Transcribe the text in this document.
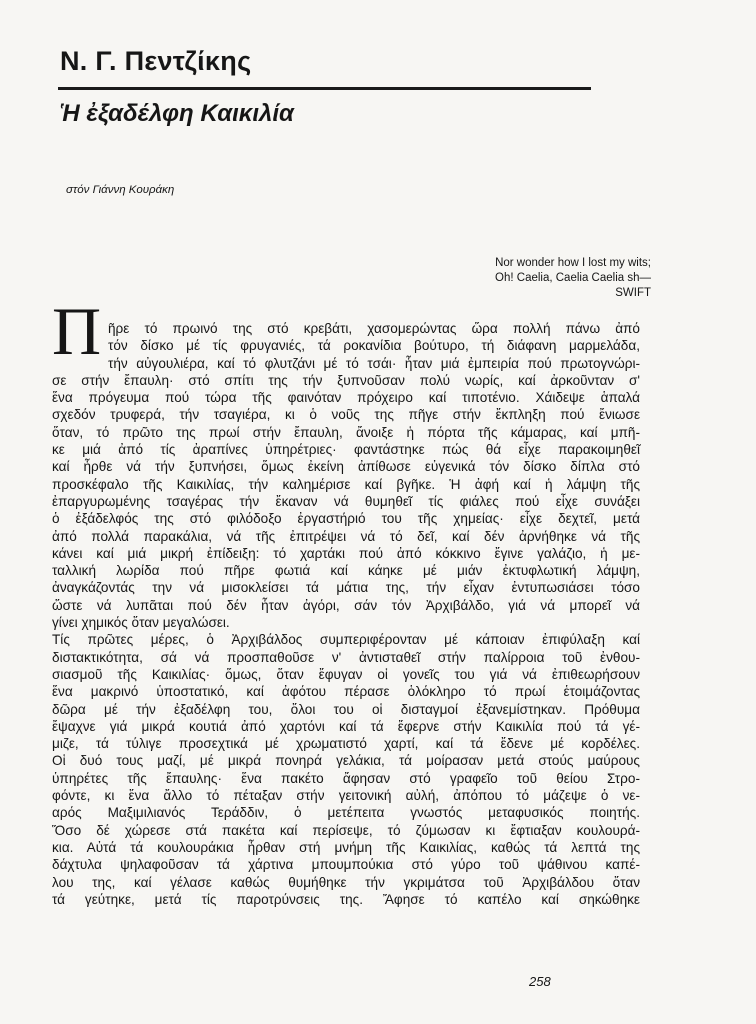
Ν. Γ. Πεντζίκης
Ἡ ἐξαδέλφη Καικιλία

στόν Γιάννη Κουράκη

Nor wonder how I lost my wits;
Oh! Caelia, Caelia Caelia sh—
SWIFT
Π ῆρε τό πρωινό της στό κρεβάτι, χασομερώντας ὥρα πολλή πάνω ἀπό
τόν δίσκο μέ τίς φρυγανιές, τά ροκανίδια βούτυρο, τή διάφανη μαρμελάδα,
τήν αὐγουλιέρα, καί τό φλυτζάνι μέ τό τσάι· ἦταν μιά ἐμπειρία πού πρωτογνώρι-
σε στήν ἔπαυλη· στό σπίτι της τήν ξυπνοῦσαν πολύ νωρίς, καί ἀρκοῦνταν σ'
ἕνα πρόγευμα πού τώρα τῆς φαινόταν πρόχειρο καί τιποτένιο. Χάιδεψε ἁπαλά
σχεδόν τρυφερά, τήν τσαγιέρα, κι ὁ νοῦς της πῆγε στήν ἔκπληξη πού ἔνιωσε
ὅταν, τό πρῶτο της πρωί στήν ἔπαυλη, ἄνοιξε ἡ πόρτα τῆς κάμαρας, καί μπῆ-
κε μιά ἀπό τίς ἀραπίνες ὑπηρέτριες· φαντάστηκε πώς θά εἶχε παρακοιμηθεῖ
καί ἦρθε νά τήν ξυπνήσει, ὅμως ἐκείνη ἀπίθωσε εὐγενικά τόν δίσκο δίπλα στό
προσκέφαλο τῆς Καικιλίας, τήν καλημέρισε καί βγῆκε. Ἡ ἀφή καί ἡ λάμψη τῆς
ἐπαργυρωμένης τσαγέρας τήν ἔκαναν νά θυμηθεῖ τίς φιάλες πού εἶχε συνάξει
ὁ ἐξάδελφός της στό φιλόδοξο ἐργαστήριό του τῆς χημείας· εἶχε δεχτεῖ, μετά
ἀπό πολλά παρακάλια, νά τῆς ἐπιτρέψει νά τό δεῖ, καί δέν ἀρνήθηκε νά τῆς
κάνει καί μιά μικρή ἐπίδειξη: τό χαρτάκι πού ἀπό κόκκινο ἔγινε γαλάζιο, ἡ με-
ταλλική λωρίδα πού πῆρε φωτιά καί κάηκε μέ μιάν ἐκτυφλωτική λάμψη,
ἀναγκάζοντάς την νά μισοκλείσει τά μάτια της, τήν εἶχαν ἐντυπωσιάσει τόσο
ὥστε νά λυπᾶται πού δέν ἦταν ἀγόρι, σάν τόν Ἀρχιβάλδο, γιά νά μπορεῖ νά
γίνει χημικός ὅταν μεγαλώσει.
Τίς πρῶτες μέρες, ὁ Ἀρχιβάλδος συμπεριφέρονταν μέ κάποιαν ἐπιφύλαξη καί
διστακτικότητα, σά νά προσπαθοῦσε ν' ἀντισταθεῖ στήν παλίρροια τοῦ ἐνθου-
σιασμοῦ τῆς Καικιλίας· ὅμως, ὅταν ἔφυγαν οἱ γονεῖς του γιά νά ἐπιθεωρήσουν
ἕνα μακρινό ὑποστατικό, καί ἀφότου πέρασε ὁλόκληρο τό πρωί ἑτοιμάζοντας
δῶρα μέ τήν ἐξαδέλφη του, ὅλοι του οἱ δισταγμοί ἐξανεμίστηκαν. Πρόθυμα
ἔψαχνε γιά μικρά κουτιά ἀπό χαρτόνι καί τά ἔφερνε στήν Καικιλία πού τά γέ-
μιζε, τά τύλιγε προσεχτικά μέ χρωματιστό χαρτί, καί τά ἔδενε μέ κορδέλες.
Οἱ δυό τους μαζί, μέ μικρά πονηρά γελάκια, τά μοίρασαν μετά στούς μαύρους
ὑπηρέτες τῆς ἔπαυλης· ἕνα πακέτο ἄφησαν στό γραφεῖο τοῦ θείου Στρο-
φόντε, κι ἕνα ἄλλο τό πέταξαν στήν γειτονική αὐλή, ἀπόπου τό μάζεψε ὁ νε-
αρός Μαξιμιλιανός Τεράδδιν, ὁ μετέπειτα γνωστός μεταφυσικός ποιητής.
Ὅσο δέ χώρεσε στά πακέτα καί περίσεψε, τό ζύμωσαν κι ἔφτιαξαν κουλουρά-
κια. Αὐτά τά κουλουράκια ἦρθαν στή μνήμη τῆς Καικιλίας, καθώς τά λεπτά της
δάχτυλα ψηλαφοῦσαν τά χάρτινα μπουμπούκια στό γύρο τοῦ ψάθινου καπέ-
λου της, καί γέλασε καθώς θυμήθηκε τήν γκριμάτσα τοῦ Ἀρχιβάλδου ὅταν
τά γεύτηκε, μετά τίς παροτρύνσεις της. Ἄφησε τό καπέλο καί σηκώθηκε
258
